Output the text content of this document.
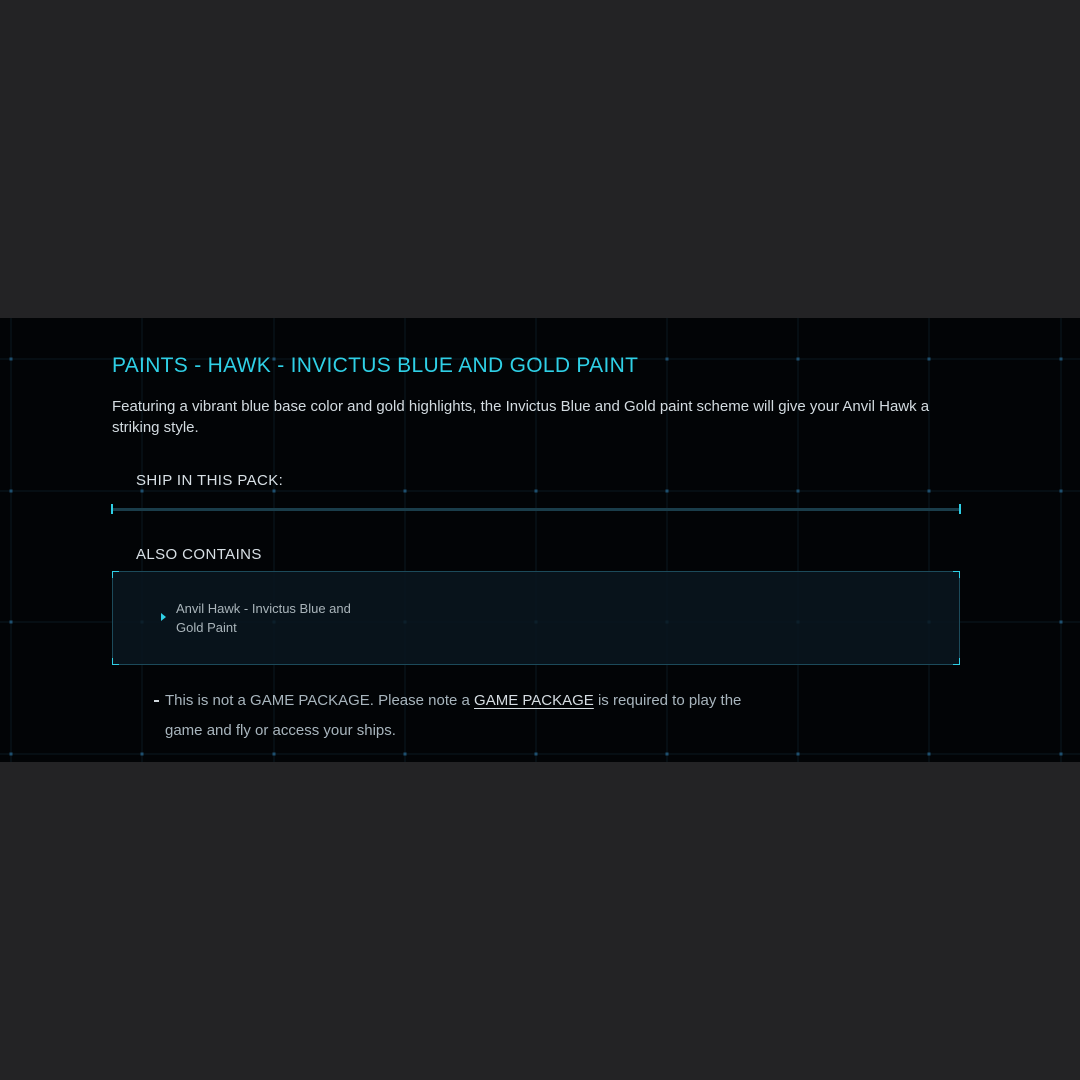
PAINTS - HAWK - INVICTUS BLUE AND GOLD PAINT

Featuring a vibrant blue base color and gold highlights, the Invictus Blue and Gold paint scheme will give your Anvil Hawk a striking style.

SHIP IN THIS PACK:

ALSO CONTAINS

Anvil Hawk - Invictus Blue and Gold Paint

This is not a GAME PACKAGE. Please note a GAME PACKAGE is required to play the game and fly or access your ships.
